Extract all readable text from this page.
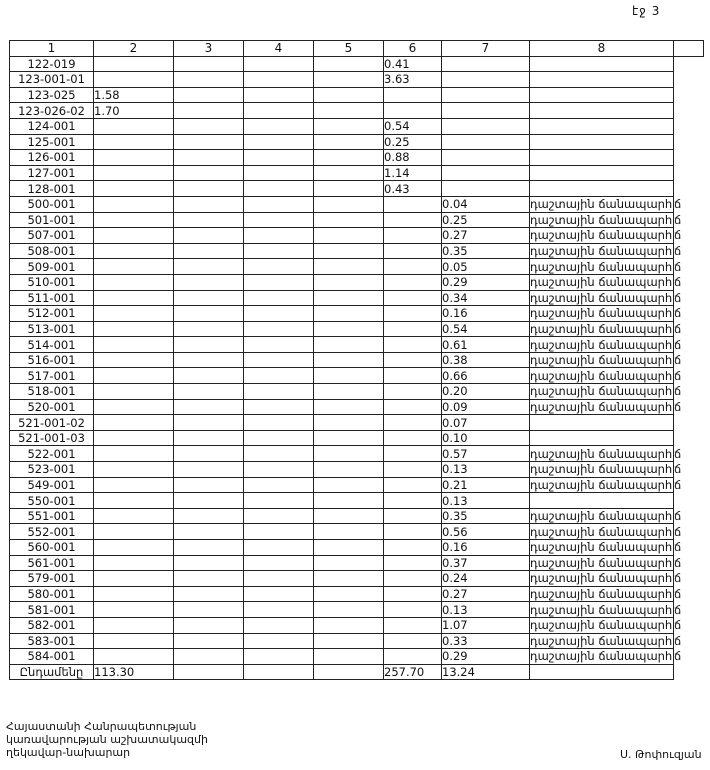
էջ 3
1	2	3	4	5	6	7	8	
122-019					0.41			
123-001-01					3.63			
123-025	1.58							
123-026-02	1.70							
124-001					0.54			
125-001					0.25			
126-001					0.88			
127-001					1.14			
128-001					0.43			
500-001						0.04	դաշտային ճանապարհ	ճ
501-001						0.25	դաշտային ճանապարհ	ճ
507-001						0.27	դաշտային ճանապարհ	ճ
508-001						0.35	դաշտային ճանապարհ	ճ
509-001						0.05	դաշտային ճանապարհ	ճ
510-001						0.29	դաշտային ճանապարհ	ճ
511-001						0.34	դաշտային ճանապարհ	ճ
512-001						0.16	դաշտային ճանապարհ	ճ
513-001						0.54	դաշտային ճանապարհ	ճ
514-001						0.61	դաշտային ճանապարհ	ճ
516-001						0.38	դաշտային ճանապարհ	ճ
517-001						0.66	դաշտային ճանապարհ	ճ
518-001						0.20	դաշտային ճանապարհ	ճ
520-001						0.09	դաշտային ճանապարհ	ճ
521-001-02						0.07		
521-001-03						0.10		
522-001						0.57	դաշտային ճանապարհ	ճ
523-001						0.13	դաշտային ճանապարհ	ճ
549-001						0.21	դաշտային ճանապարհ	ճ
550-001						0.13		
551-001						0.35	դաշտային ճանապարհ	ճ
552-001						0.56	դաշտային ճանապարհ	ճ
560-001						0.16	դաշտային ճանապարհ	ճ
561-001						0.37	դաշտային ճանապարհ	ճ
579-001						0.24	դաշտային ճանապարհ	ճ
580-001						0.27	դաշտային ճանապարհ	ճ
581-001						0.13	դաշտային ճանապարհ	ճ
582-001						1.07	դաշտային ճանապարհ	ճ
583-001						0.33	դաշտային ճանապարհ	ճ
584-001						0.29	դաշտային ճանապարհ	ճ
Ընդամենը	113.30				257.70	13.24		
Հայաստանի Հանրապետության
կառավարության աշխատակազմի
ղեկավար-նախարար	Ս. Թոփուզյան
